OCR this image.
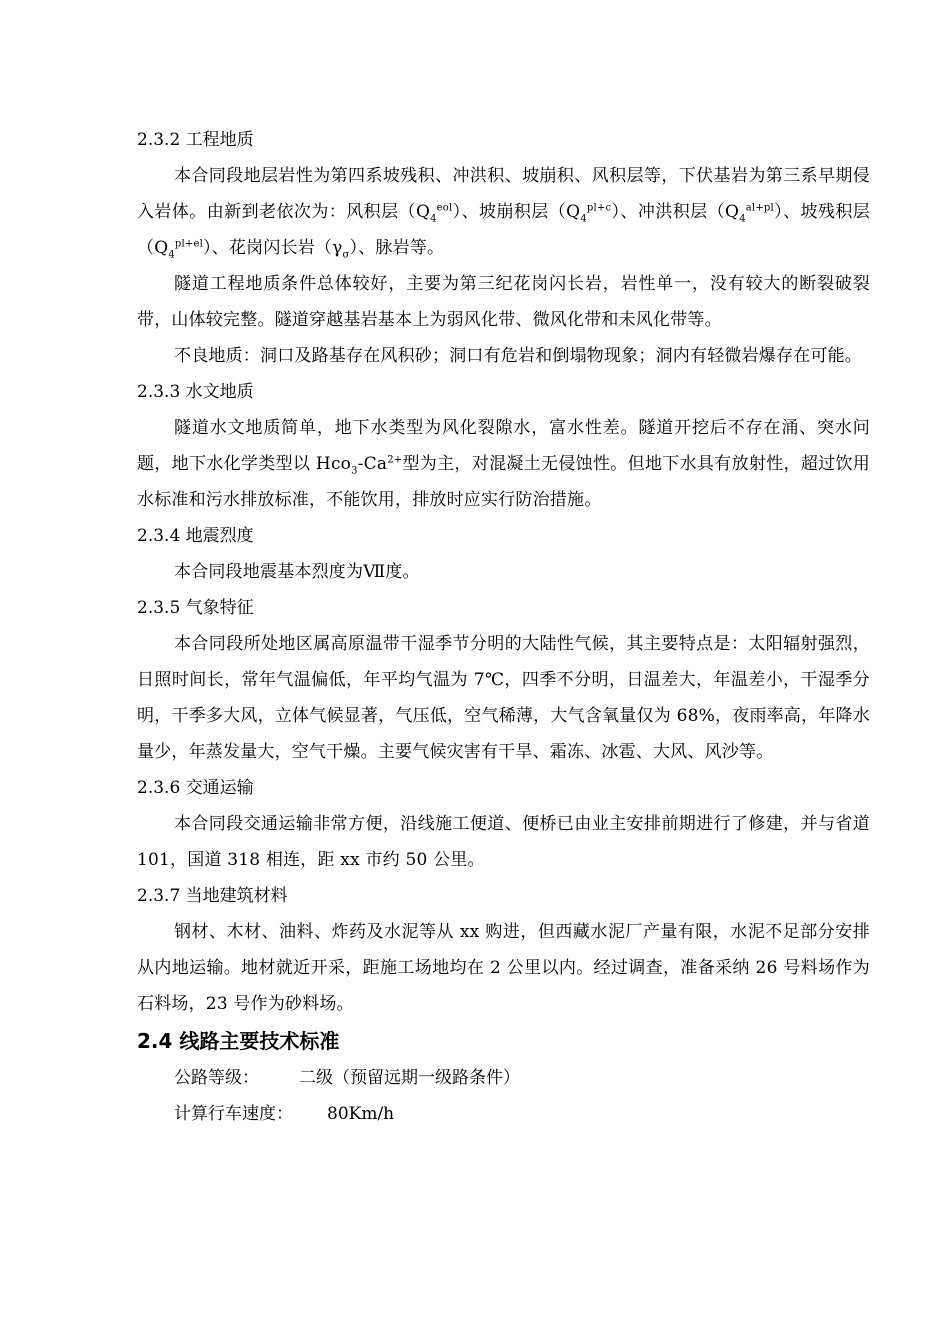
2.3.2 工程地质

本合同段地层岩性为第四系坡残积、冲洪积、坡崩积、风积层等，下伏基岩为第三系早期侵入岩体。由新到老依次为：风积层$(Q_4^{eol})$、坡崩积层$(Q_4^{pl+c})$、冲洪积层$(Q_4^{al+pl})$、坡残积层$(Q_4^{pl+el})$、花岗闪长岩$(\gamma_\sigma)$、脉岩等。

隧道工程地质条件总体较好，主要为第三纪花岗闪长岩，岩性单一，没有较大的断裂破裂带，山体较完整。隧道穿越基岩基本上为弱风化带、微风化带和未风化带等。

不良地质：洞口及路基存在风积砂；洞口有危岩和倒塌物现象；洞内有轻微岩爆存在可能。

2.3.3 水文地质

隧道水文地质简单，地下水类型为风化裂隙水，富水性差。隧道开挖后不存在涌、突水问题，地下水化学类型以 $Hco_3-Ca^{2+}$型为主，对混凝土无侵蚀性。但地下水具有放射性，超过饮用水标准和污水排放标准，不能饮用，排放时应实行防治措施。

2.3.4 地震烈度

本合同段地震基本烈度为Ⅶ度。

2.3.5 气象特征

本合同段所处地区属高原温带干湿季节分明的大陆性气候，其主要特点是：太阳辐射强烈，日照时间长，常年气温偏低，年平均气温为 7℃，四季不分明，日温差大，年温差小，干湿季分明，干季多大风，立体气候显著，气压低，空气稀薄，大气含氧量仅为 68%，夜雨率高，年降水量少，年蒸发量大，空气干燥。主要气候灾害有干旱、霜冻、冰雹、大风、风沙等。

2.3.6 交通运输

本合同段交通运输非常方便，沿线施工便道、便桥已由业主安排前期进行了修建，并与省道 101，国道 318 相连，距 xx 市约 50 公里。

2.3.7 当地建筑材料

钢材、木材、油料、炸药及水泥等从 xx 购进，但西藏水泥厂产量有限，水泥不足部分安排从内地运输。地材就近开采，距施工场地均在 2 公里以内。经过调查，准备采纳 26 号料场作为石料场，23 号作为砂料场。

2.4 线路主要技术标准

公路等级： 二级（预留远期一级路条件）

计算行车速度： 80Km/h
